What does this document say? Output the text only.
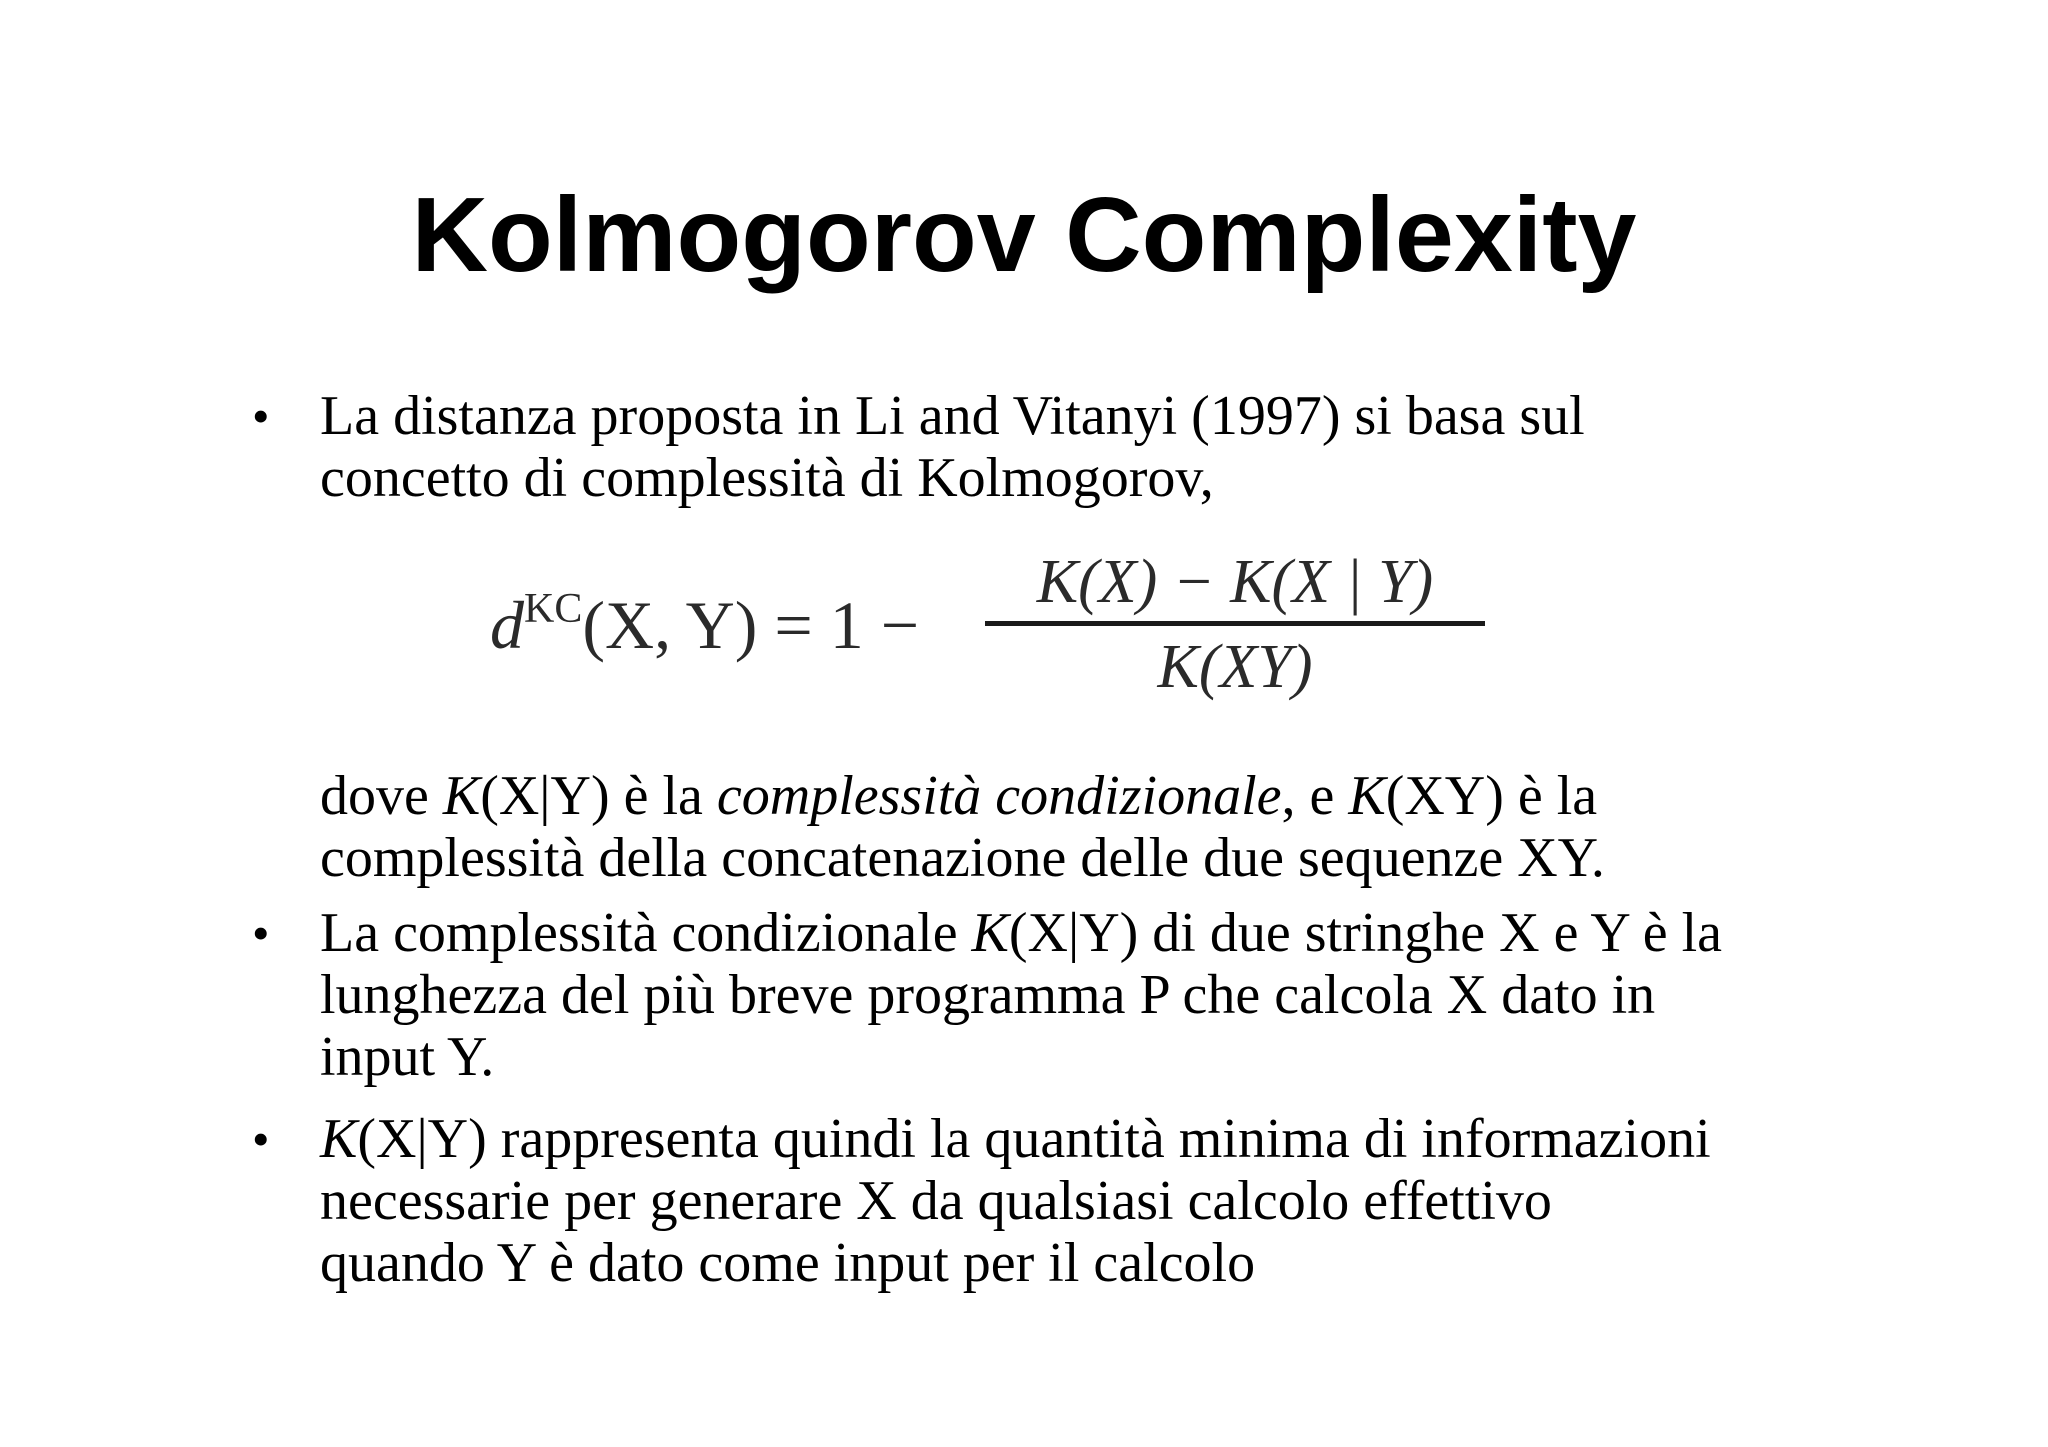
Kolmogorov Complexity
• La distanza proposta in Li and Vitanyi (1997) si basa sul
concetto di complessità di Kolmogorov,
$d^{KC}(X$, Y) = 1 −
K(X) − K(X | Y)
K(XY)
dove K(X|Y) è la complessità condizionale, e K(XY) è la
complessità della concatenazione delle due sequenze XY.
• La complessità condizionale K(X|Y) di due stringhe X e Y è la
lunghezza del più breve programma P che calcola X dato in
input Y.
• K(X|Y) rappresenta quindi la quantità minima di informazioni
necessarie per generare X da qualsiasi calcolo effettivo
quando Y è dato come input per il calcolo
